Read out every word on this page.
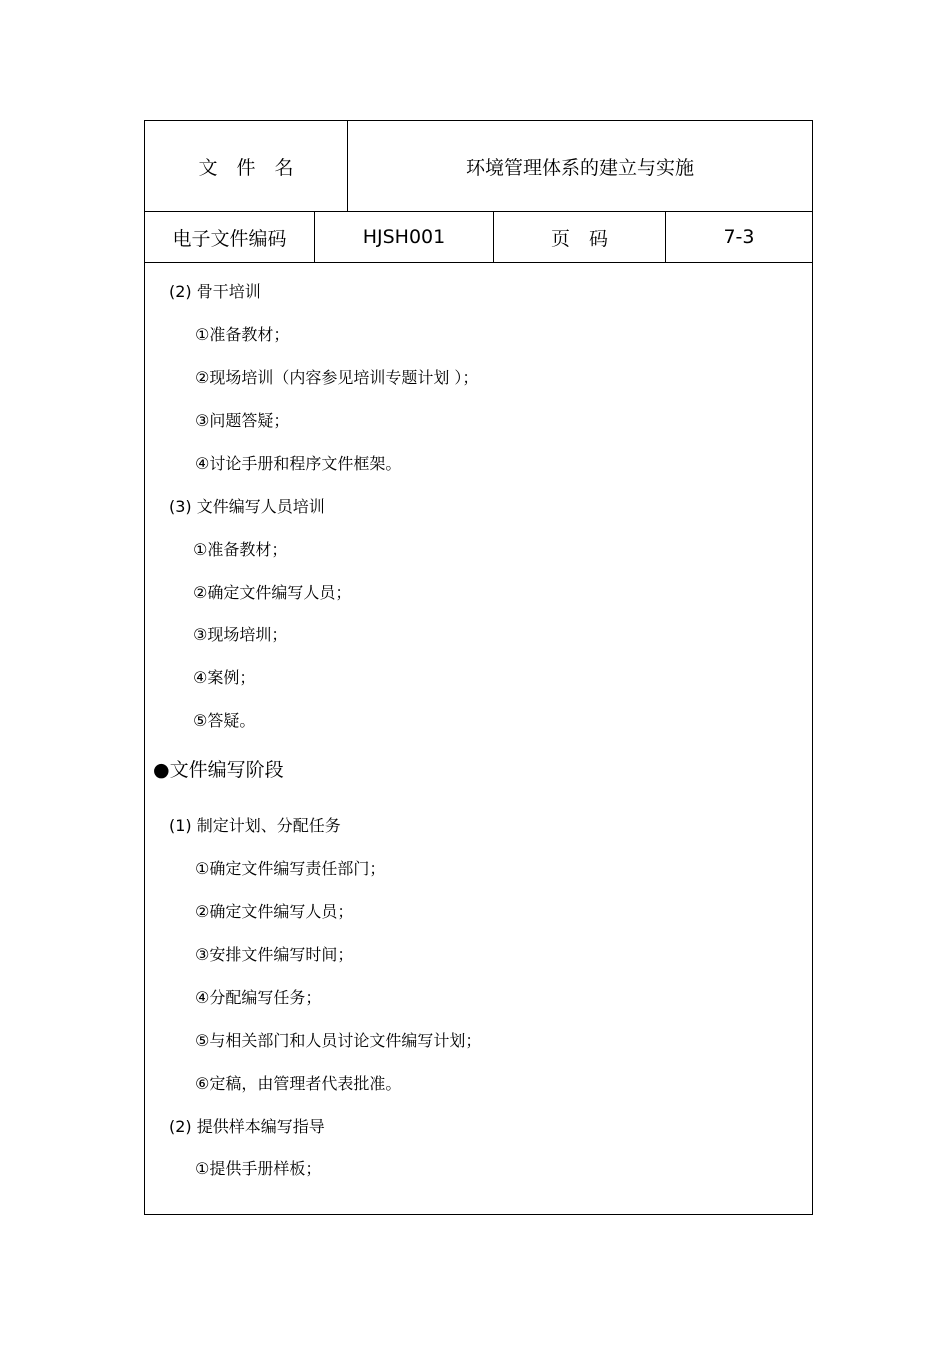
文　件　名	环境管理体系的建立与实施
电子文件编码	HJSH001	页　码	7-3
(2) 骨干培训
①准备教材；
②现场培训（内容参见培训专题计划 ）；
③问题答疑；
④讨论手册和程序文件框架。
(3) 文件编写人员培训
①准备教材；
②确定文件编写人员；
③现场培圳；
④案例；
⑤答疑。
●文件编写阶段
(1) 制定计划、分配任务
①确定文件编写责任部门；
②确定文件编写人员；
③安排文件编写时间；
④分配编写任务；
⑤与相关部门和人员讨论文件编写计划；
⑥定稿，由管理者代表批准。
(2) 提供样本编写指导
①提供手册样板；
